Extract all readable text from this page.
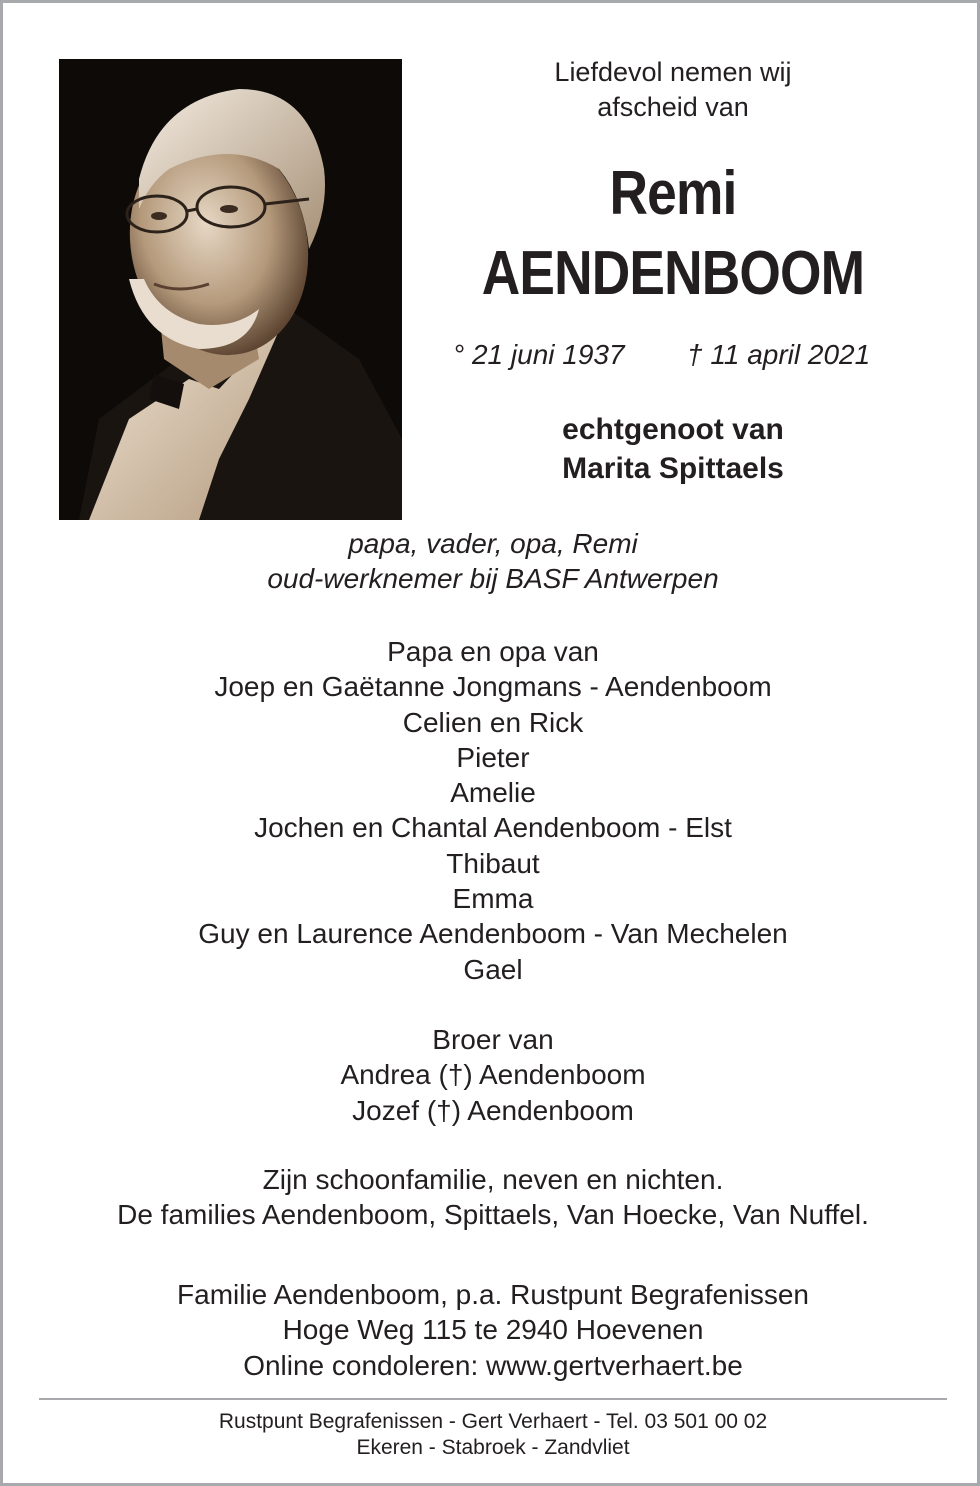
Liefdevol nemen wij
afscheid van
Remi
AENDENBOOM
° 21 juni 1937 † 11 april 2021
echtgenoot van
Marita Spittaels
papa, vader, opa, Remi
oud-werknemer bij BASF Antwerpen
Papa en opa van
Joep en Gaëtanne Jongmans - Aendenboom
Celien en Rick
Pieter
Amelie
Jochen en Chantal Aendenboom - Elst
Thibaut
Emma
Guy en Laurence Aendenboom - Van Mechelen
Gael
Broer van
Andrea (†) Aendenboom
Jozef (†) Aendenboom
Zijn schoonfamilie, neven en nichten.
De families Aendenboom, Spittaels, Van Hoecke, Van Nuffel.
Familie Aendenboom, p.a. Rustpunt Begrafenissen
Hoge Weg 115 te 2940 Hoevenen
Online condoleren: www.gertverhaert.be
Rustpunt Begrafenissen - Gert Verhaert - Tel. 03 501 00 02
Ekeren - Stabroek - Zandvliet
